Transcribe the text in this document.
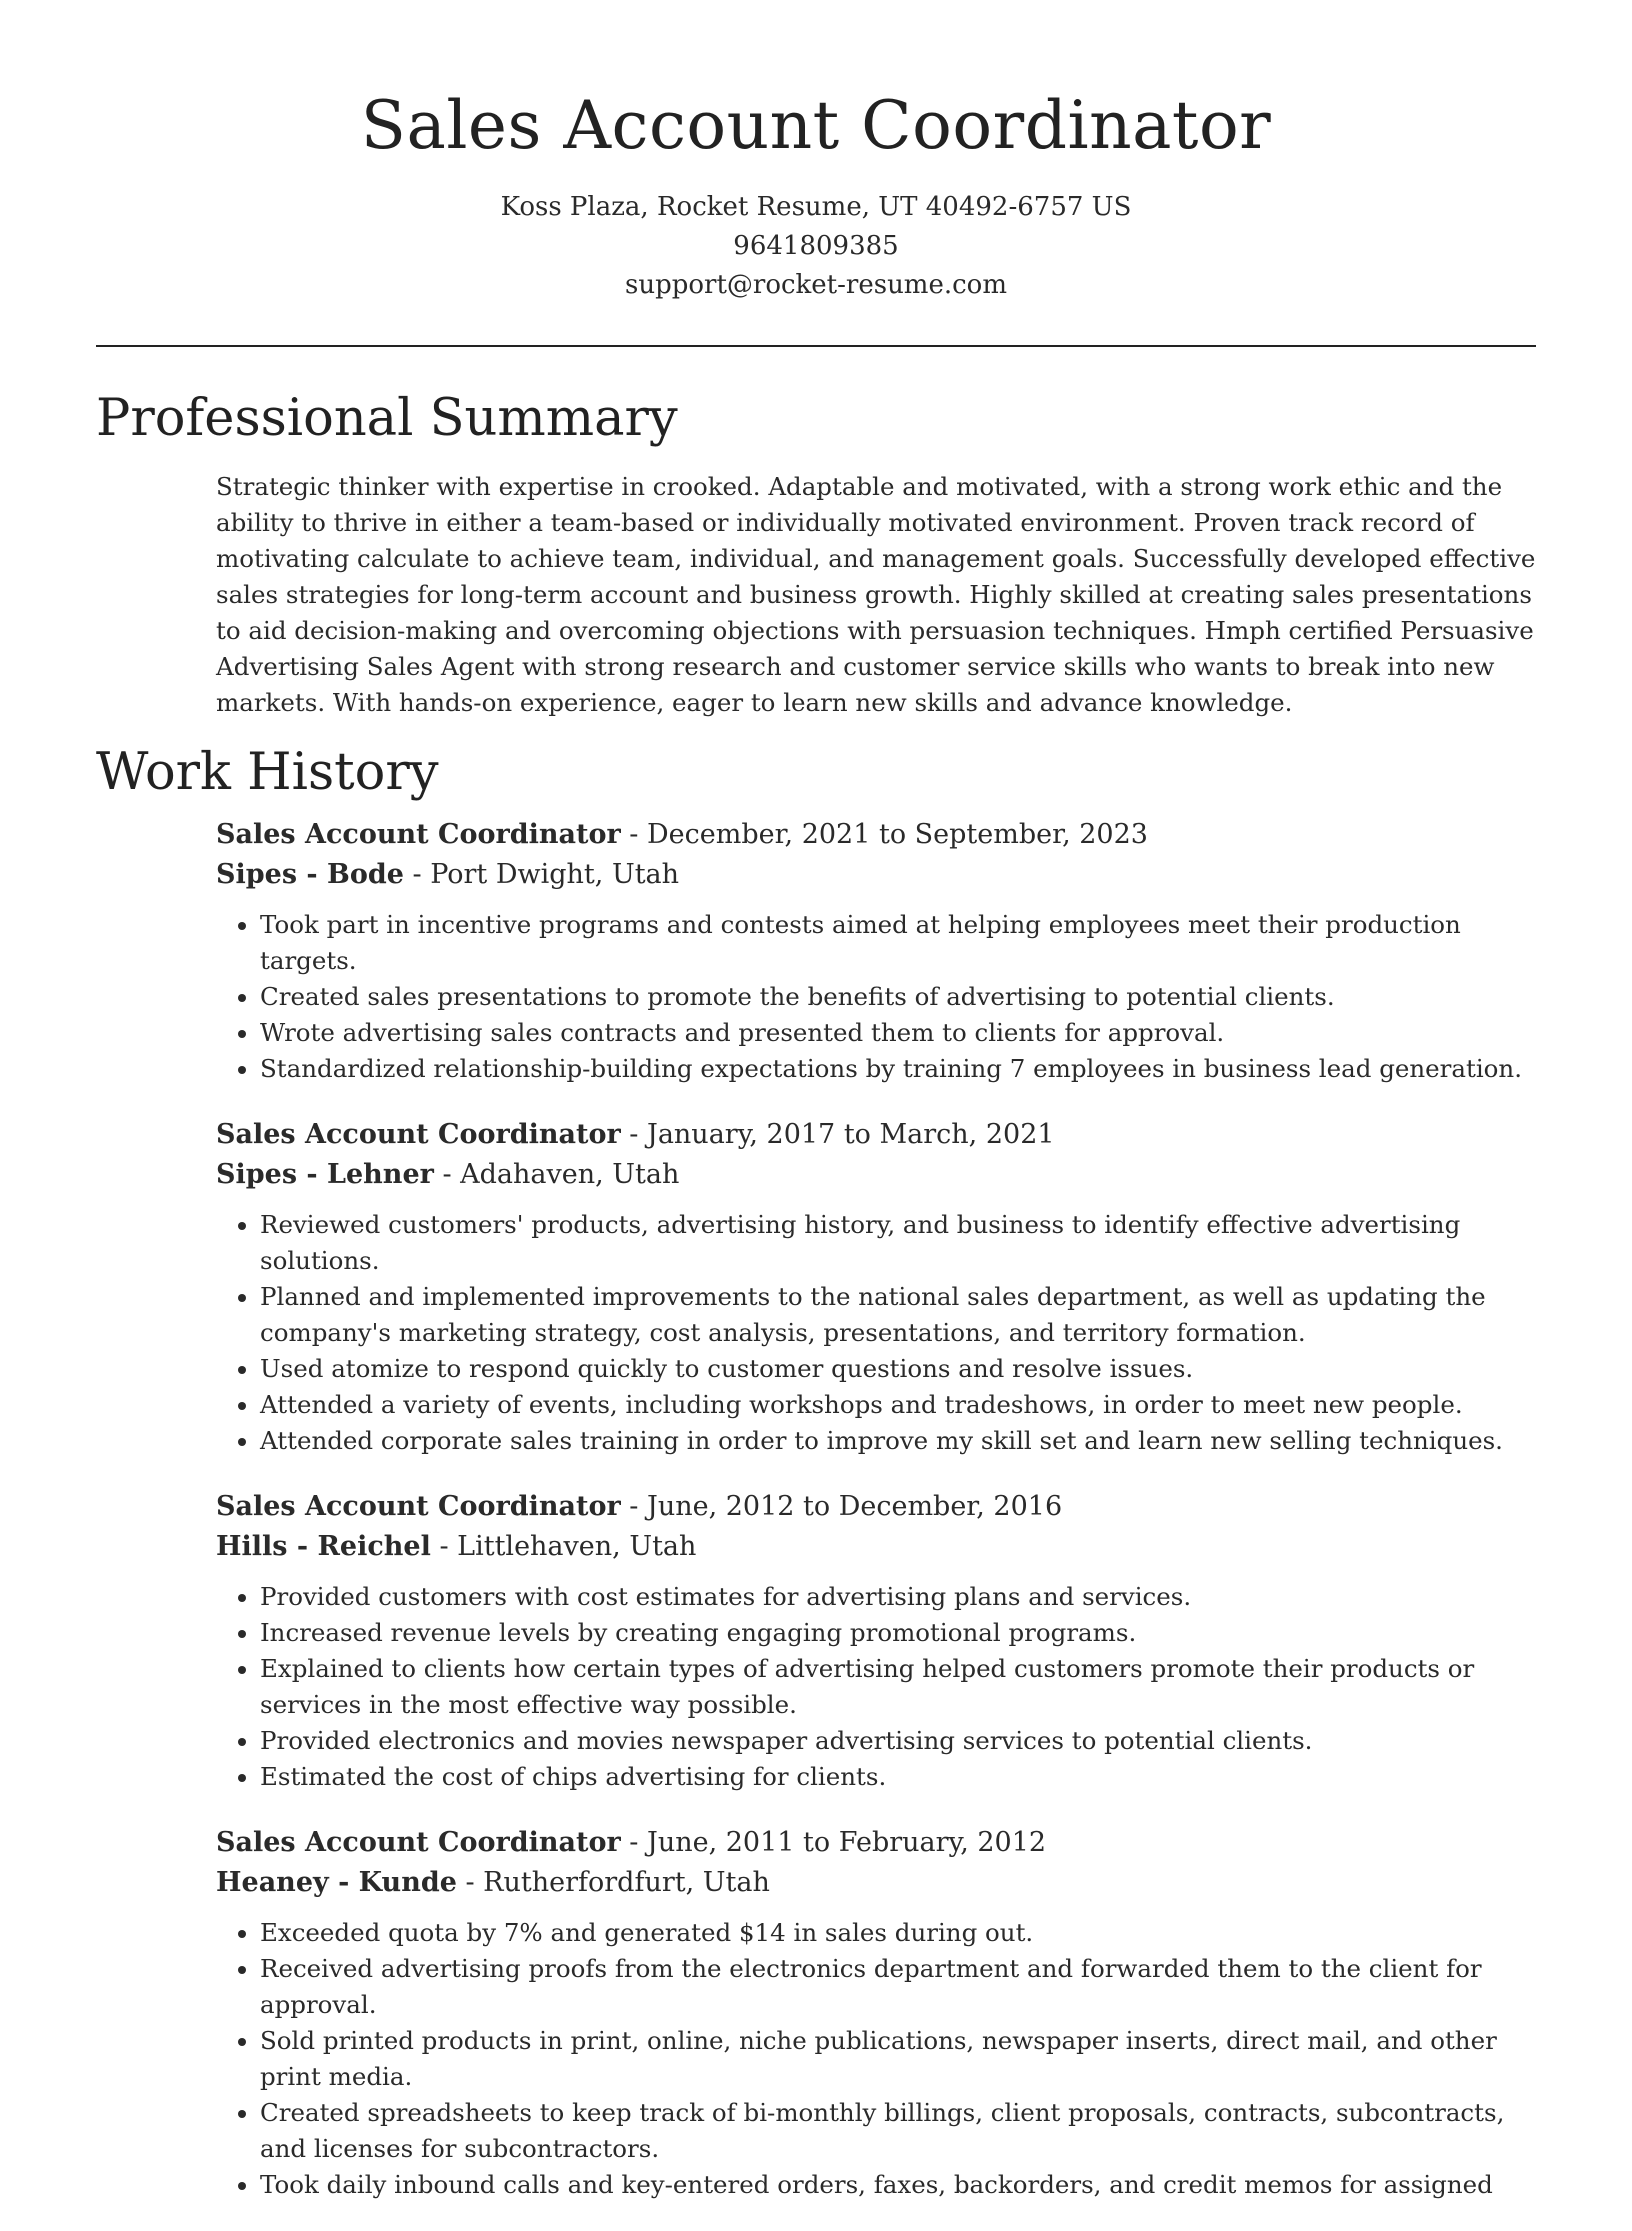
Sales Account Coordinator
Koss Plaza, Rocket Resume, UT 40492-6757 US
9641809385
support@rocket-resume.com
Professional Summary
Strategic thinker with expertise in crooked. Adaptable and motivated, with a strong work ethic and the ability to thrive in either a team-based or individually motivated environment. Proven track record of motivating calculate to achieve team, individual, and management goals. Successfully developed effective sales strategies for long-term account and business growth. Highly skilled at creating sales presentations to aid decision-making and overcoming objections with persuasion techniques. Hmph certified Persuasive Advertising Sales Agent with strong research and customer service skills who wants to break into new markets. With hands-on experience, eager to learn new skills and advance knowledge.
Work History
Sales Account Coordinator - December, 2021 to September, 2023
Sipes - Bode - Port Dwight, Utah
• Took part in incentive programs and contests aimed at helping employees meet their production targets.
• Created sales presentations to promote the benefits of advertising to potential clients.
• Wrote advertising sales contracts and presented them to clients for approval.
• Standardized relationship-building expectations by training 7 employees in business lead generation.
Sales Account Coordinator - January, 2017 to March, 2021
Sipes - Lehner - Adahaven, Utah
• Reviewed customers' products, advertising history, and business to identify effective advertising solutions.
• Planned and implemented improvements to the national sales department, as well as updating the company's marketing strategy, cost analysis, presentations, and territory formation.
• Used atomize to respond quickly to customer questions and resolve issues.
• Attended a variety of events, including workshops and tradeshows, in order to meet new people.
• Attended corporate sales training in order to improve my skill set and learn new selling techniques.
Sales Account Coordinator - June, 2012 to December, 2016
Hills - Reichel - Littlehaven, Utah
• Provided customers with cost estimates for advertising plans and services.
• Increased revenue levels by creating engaging promotional programs.
• Explained to clients how certain types of advertising helped customers promote their products or services in the most effective way possible.
• Provided electronics and movies newspaper advertising services to potential clients.
• Estimated the cost of chips advertising for clients.
Sales Account Coordinator - June, 2011 to February, 2012
Heaney - Kunde - Rutherfordfurt, Utah
• Exceeded quota by 7% and generated $14 in sales during out.
• Received advertising proofs from the electronics department and forwarded them to the client for approval.
• Sold printed products in print, online, niche publications, newspaper inserts, direct mail, and other print media.
• Created spreadsheets to keep track of bi-monthly billings, client proposals, contracts, subcontracts, and licenses for subcontractors.
• Took daily inbound calls and key-entered orders, faxes, backorders, and credit memos for assigned
